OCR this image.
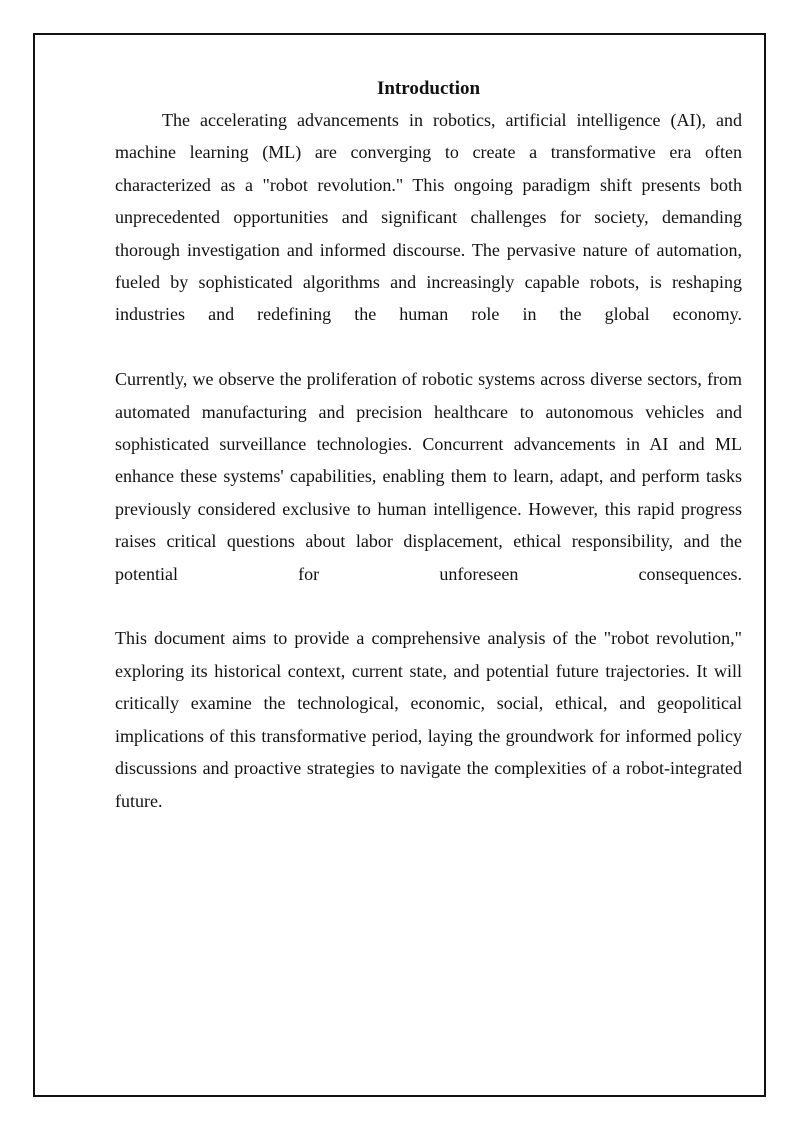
Introduction

The accelerating advancements in robotics, artificial intelligence (AI), and machine learning (ML) are converging to create a transformative era often characterized as a "robot revolution." This ongoing paradigm shift presents both unprecedented opportunities and significant challenges for society, demanding thorough investigation and informed discourse. The pervasive nature of automation, fueled by sophisticated algorithms and increasingly capable robots, is reshaping industries and redefining the human role in the global economy.

Currently, we observe the proliferation of robotic systems across diverse sectors, from automated manufacturing and precision healthcare to autonomous vehicles and sophisticated surveillance technologies. Concurrent advancements in AI and ML enhance these systems' capabilities, enabling them to learn, adapt, and perform tasks previously considered exclusive to human intelligence. However, this rapid progress raises critical questions about labor displacement, ethical responsibility, and the potential for unforeseen consequences.

This document aims to provide a comprehensive analysis of the "robot revolution," exploring its historical context, current state, and potential future trajectories. It will critically examine the technological, economic, social, ethical, and geopolitical implications of this transformative period, laying the groundwork for informed policy discussions and proactive strategies to navigate the complexities of a robot-integrated future.
